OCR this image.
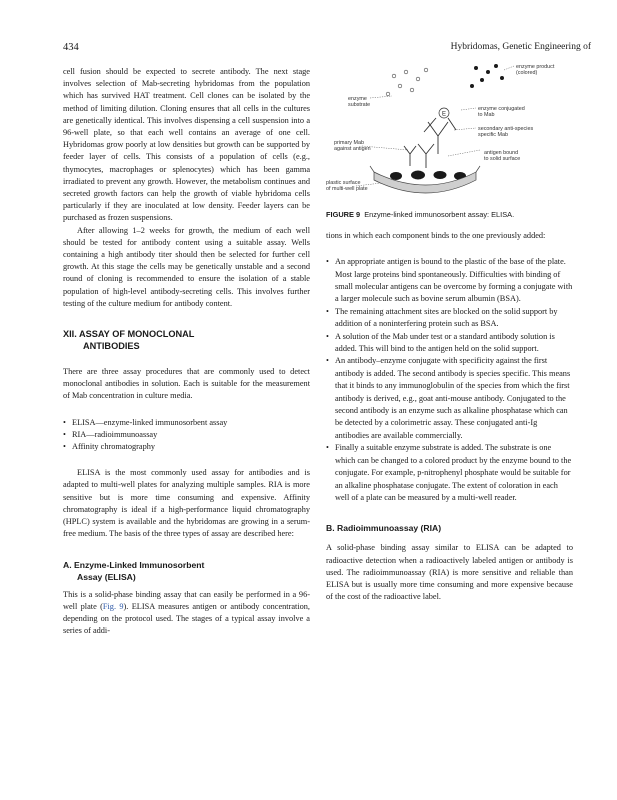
434	Hybridomas, Genetic Engineering of

cell fusion should be expected to secrete antibody. The next stage involves selection of Mab-secreting hybridomas from the population which has survived HAT treatment. Cell clones can be isolated by the method of limiting dilution. Cloning ensures that all cells in the cultures are genetically identical. This involves dispensing a cell suspension into a 96-well plate, so that each well contains an average of one cell. Hybridomas grow poorly at low densities but growth can be supported by feeder layer of cells. This consists of a population of cells (e.g., thymocytes, macrophages or splenocytes) which has been gamma irradiated to prevent any growth. However, the metabolism continues and secreted growth factors can help the growth of viable hybridoma cells particularly if they are inoculated at low density. Feeder layers can be purchased as frozen suspensions.

After allowing 1–2 weeks for growth, the medium of each well should be tested for antibody content using a suitable assay. Wells containing a high antibody titer should then be selected for further cell growth. At this stage the cells may be genetically unstable and a second round of cloning is recommended to ensure the isolation of a stable population of high-level antibody-secreting cells. This involves further testing of the culture medium for antibody content.

XII. ASSAY OF MONOCLONAL
ANTIBODIES

There are three assay procedures that are commonly used to detect monoclonal antibodies in solution. Each is suitable for the measurement of Mab concentration in culture media.

• ELISA—enzyme-linked immunosorbent assay
• RIA—radioimmunoassay
• Affinity chromatography

ELISA is the most commonly used assay for antibodies and is adapted to multi-well plates for analyzing multiple samples. RIA is more sensitive but is more time consuming and expensive. Affinity chromatography is ideal if a high-performance liquid chromatography (HPLC) system is available and the hybridomas are growing in a serum-free medium. The basis of the three types of assay are described here:

A. Enzyme-Linked Immunosorbent
Assay (ELISA)

This is a solid-phase binding assay that can easily be performed in a 96-well plate (Fig. 9). ELISA measures antigen or antibody concentration, depending on the protocol used. The stages of a typical assay involve a series of addi-

E
enzyme product
(colored)
enzyme
substrate
enzyme conjugated
to Mab
secondary anti-species
specific Mab
primary Mab
against antigen
antigen bound
to solid surface
plastic surface
of multi-well plate

FIGURE 9 Enzyme-linked immunosorbent assay: ELISA.

tions in which each component binds to the one previously added:

• An appropriate antigen is bound to the plastic of the base of the plate. Most large proteins bind spontaneously. Difficulties with binding of small molecular antigens can be overcome by forming a conjugate with a larger molecule such as bovine serum albumin (BSA).
• The remaining attachment sites are blocked on the solid support by addition of a noninterfering protein such as BSA.
• A solution of the Mab under test or a standard antibody solution is added. This will bind to the antigen held on the solid support.
• An antibody–enzyme conjugate with specificity against the first antibody is added. The second antibody is species specific. This means that it binds to any immunoglobulin of the species from which the first antibody is derived, e.g., goat anti-mouse antibody. Conjugated to the second antibody is an enzyme such as alkaline phosphatase which can be detected by a colorimetric assay. These conjugated anti-Ig antibodies are available commercially.
• Finally a suitable enzyme substrate is added. The substrate is one which can be changed to a colored product by the enzyme bound to the conjugate. For example, p-nitrophenyl phosphate would be suitable for an alkaline phosphatase conjugate. The extent of coloration in each well of a plate can be measured by a multi-well reader.
B. Radioimmunoassay (RIA)

A solid-phase binding assay similar to ELISA can be adapted to radioactive detection when a radioactively labeled antigen or antibody is used. The radioimmunoassay (RIA) is more sensitive and reliable than ELISA but is usually more time consuming and more expensive because of the cost of the radioactive label.
